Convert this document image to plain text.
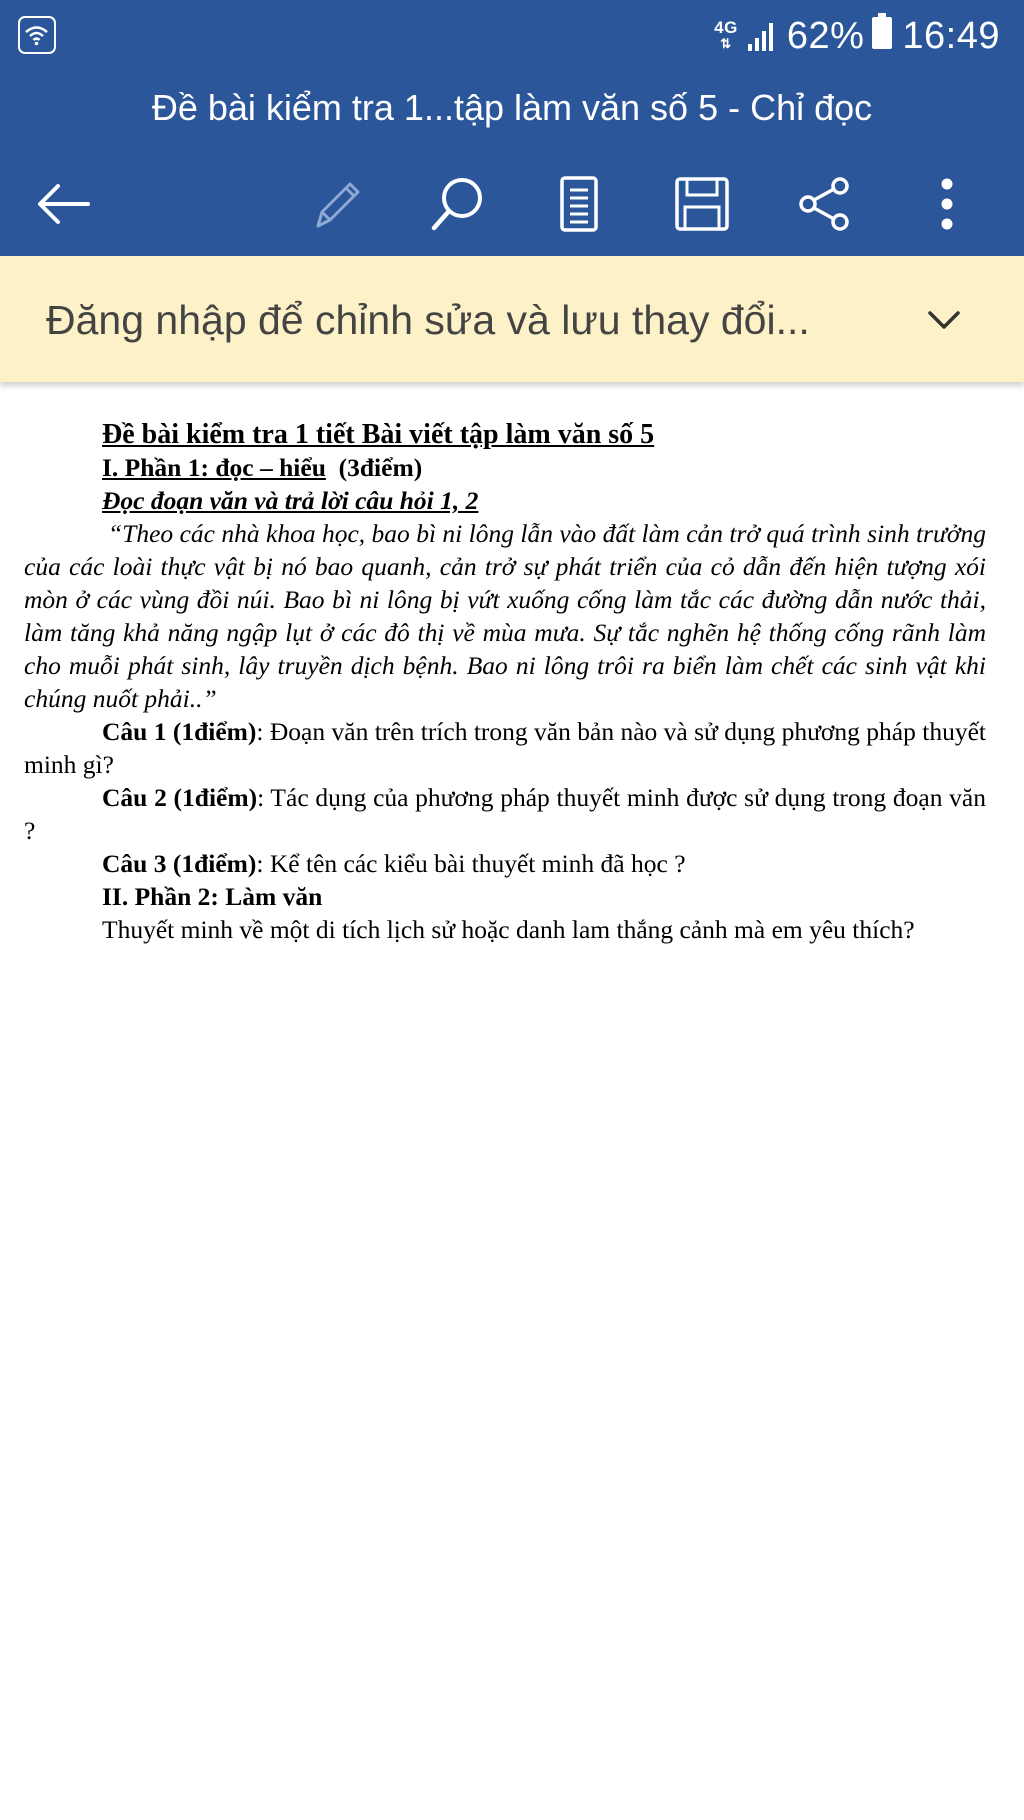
4G
⇅ 62% 16:49
Đề bài kiểm tra 1...tập làm văn số 5 - Chỉ đọc
Đăng nhập để chỉnh sửa và lưu thay đổi...

Đề bài kiểm tra 1 tiết Bài viết tập làm văn số 5

I. Phần 1: đọc – hiểu (3điểm)

Đọc đoạn văn và trả lời câu hỏi 1, 2

“Theo các nhà khoa học, bao bì ni lông lẫn vào đất làm cản trở quá trình sinh trưởng của các loài thực vật bị nó bao quanh, cản trở sự phát triển của cỏ dẫn đến hiện tượng xói mòn ở các vùng đồi núi. Bao bì ni lông bị vứt xuống cống làm tắc các đường dẫn nước thải, làm tăng khả năng ngập lụt ở các đô thị về mùa mưa. Sự tắc nghẽn hệ thống cống rãnh làm cho muỗi phát sinh, lây truyền dịch bệnh. Bao ni lông trôi ra biển làm chết các sinh vật khi chúng nuốt phải..”

Câu 1 (1điểm): Đoạn văn trên trích trong văn bản nào và sử dụng phương pháp thuyết minh gì?

Câu 2 (1điểm): Tác dụng của phương pháp thuyết minh được sử dụng trong đoạn văn ?

Câu 3 (1điểm): Kể tên các kiểu bài thuyết minh đã học ?

II. Phần 2: Làm văn

Thuyết minh về một di tích lịch sử hoặc danh lam thắng cảnh mà em yêu thích?
